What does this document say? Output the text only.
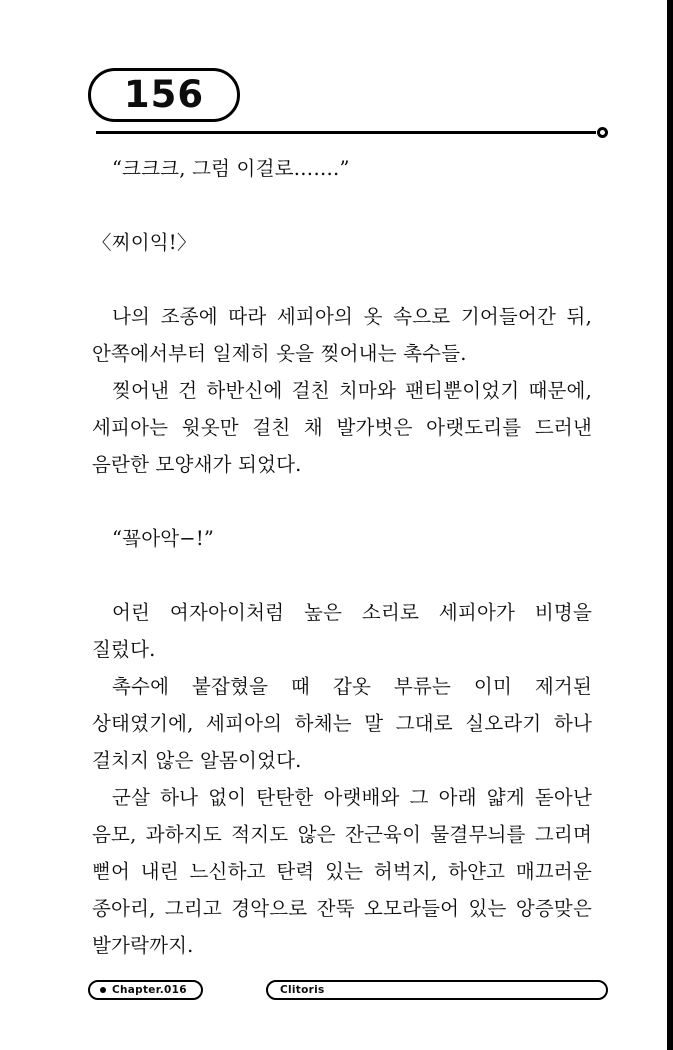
156

“크크크, 그럼 이걸로…….”

〈찌이익!〉

나의 조종에 따라 세피아의 옷 속으로 기어들어간 뒤, 안쪽에서부터 일제히 옷을 찢어내는 촉수들.

찢어낸 건 하반신에 걸친 치마와 팬티뿐이었기 때문에, 세피아는 윗옷만 걸친 채 발가벗은 아랫도리를 드러낸 음란한 모양새가 되었다.

“꾴아악−!”

어린 여자아이처럼 높은 소리로 세피아가 비명을 질렀다.

촉수에 붙잡혔을 때 갑옷 부류는 이미 제거된 상태였기에, 세피아의 하체는 말 그대로 실오라기 하나 걸치지 않은 알몸이었다.

군살 하나 없이 탄탄한 아랫배와 그 아래 얇게 돋아난 음모, 과하지도 적지도 않은 잔근육이 물결무늬를 그리며 뻗어 내린 느신하고 탄력 있는 허벅지, 하얀고 매끄러운 종아리, 그리고 경악으로 잔뚝 오모라들어 있는 앙증맞은 발가락까지.

Chapter.016	Clitoris
